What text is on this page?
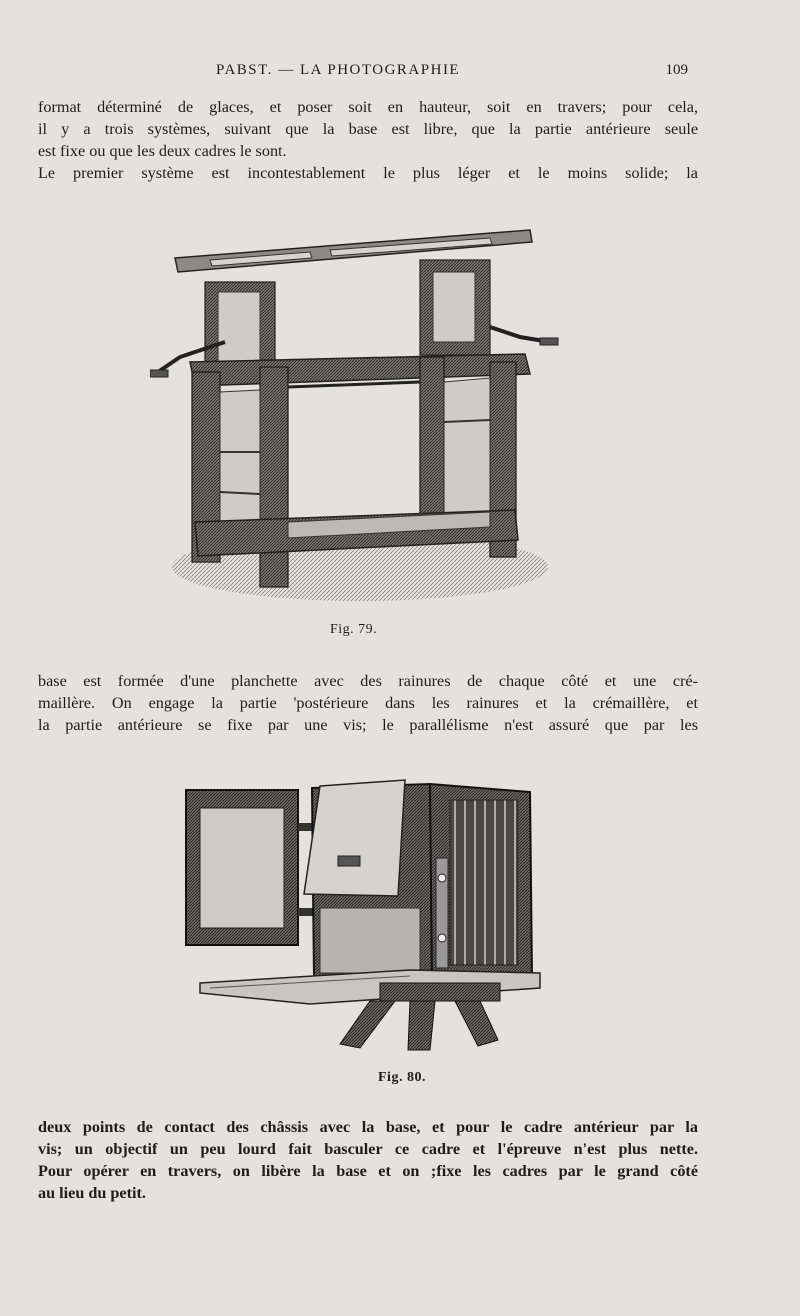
PABST. — LA PHOTOGRAPHIE	109

format déterminé de glaces, et poser soit en hauteur, soit en travers; pour cela,
il y a trois systèmes, suivant que la base est libre, que la partie antérieure seule
est fixe ou que les deux cadres le sont.
Le premier système est incontestablement le plus léger et le moins solide; la

Fig. 79.

base est formée d'une planchette avec des rainures de chaque côté et une cré-
maillère. On engage la partie 'postérieure dans les rainures et la crémaillère, et
la partie antérieure se fixe par une vis; le parallélisme n'est assuré que par les

Fig. 80.

deux points de contact des châssis avec la base, et pour le cadre antérieur par la
vis; un objectif un peu lourd fait basculer ce cadre et l'épreuve n'est plus nette.
Pour opérer en travers, on libère la base et on ;fixe les cadres par le grand côté
au lieu du petit.
